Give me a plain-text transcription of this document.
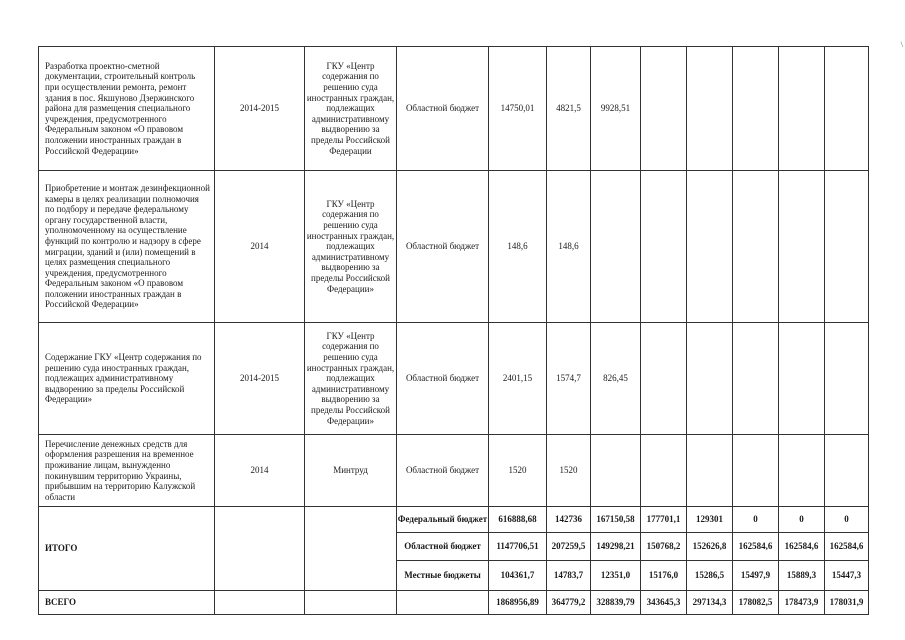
\
Разработка проектно-сметной документации, строительный контроль при осуществлении ремонта, ремонт здания в пос. Якшуново Дзержинского района для размещения специального учреждения, предусмотренного Федеральным законом «О правовом положении иностранных граждан в Российской Федерации»	2014-2015	ГКУ «Центр содержания по решению суда иностранных граждан, подлежащих административному выдворению за пределы Российской Федерации	Областной бюджет	14750,01	4821,5	9928,51					
Приобретение и монтаж дезинфекционной камеры в целях реализации полномочия по подбору и передаче федеральному органу государственной власти, уполномоченному на осуществление функций по контролю и надзору в сфере миграции, зданий и (или) помещений в целях размещения специального учреждения, предусмотренного Федеральным законом «О правовом положении иностранных граждан в Российской Федерации»	2014	ГКУ «Центр содержания по решению суда иностранных граждан, подлежащих административному выдворению за пределы Российской Федерации»	Областной бюджет	148,6	148,6						
Содержание ГКУ «Центр содержания по решению суда иностранных граждан, подлежащих административному выдворению за пределы Российской Федерации»	2014-2015	ГКУ «Центр содержания по решению суда иностранных граждан, подлежащих административному выдворению за пределы Российской Федерации»	Областной бюджет	2401,15	1574,7	826,45					
Перечисление денежных средств для оформления разрешения на временное проживание лицам, вынужденно покинувшим территорию Украины, прибывшим на территорию Калужской области	2014	Минтруд	Областной бюджет	1520	1520						
ИТОГО			Федеральный бюджет	616888,68	142736	167150,58	177701,1	129301	0	0	0
			Областной бюджет	1147706,51	207259,5	149298,21	150768,2	152626,8	162584,6	162584,6	162584,6
			Местные бюджеты	104361,7	14783,7	12351,0	15176,0	15286,5	15497,9	15889,3	15447,3
ВСЕГО				1868956,89	364779,2	328839,79	343645,3	297134,3	178082,5	178473,9	178031,9
